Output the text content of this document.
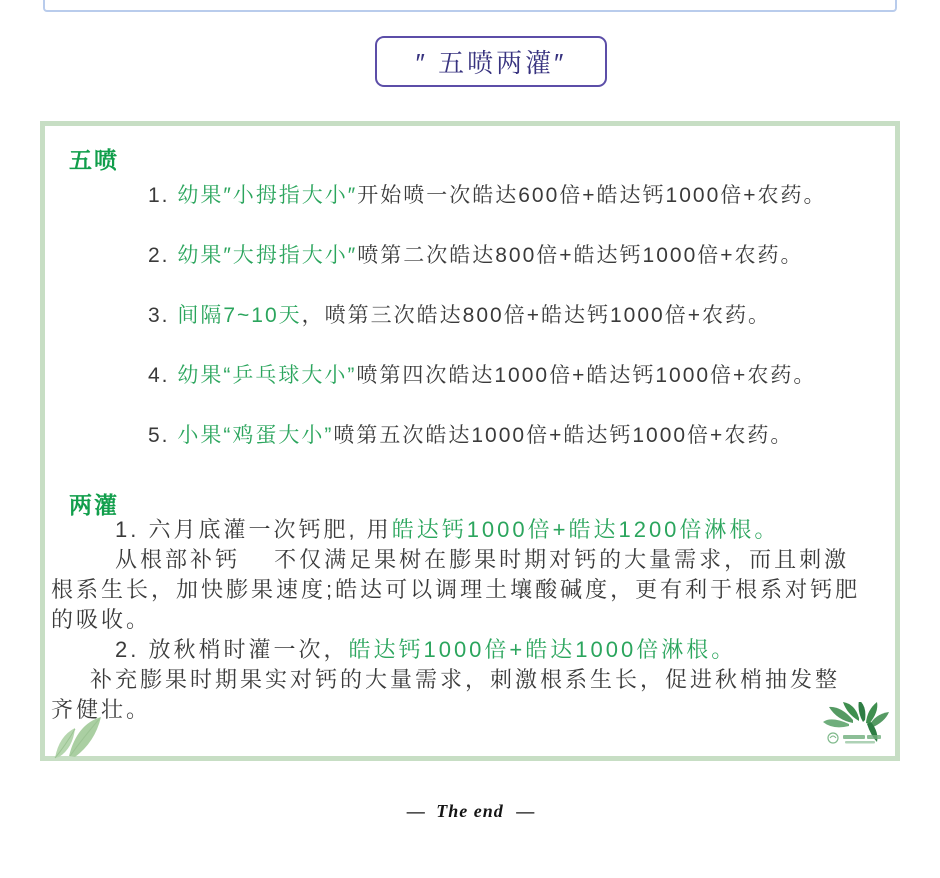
″ 五喷两灌″
五喷
1. 幼果″小拇指大小″开始喷一次皓达600倍+皓达钙1000倍+农药。
2. 幼果″大拇指大小″喷第二次皓达800倍+皓达钙1000倍+农药。
3. 间隔7~10天，喷第三次皓达800倍+皓达钙1000倍+农药。
4. 幼果“乒乓球大小”喷第四次皓达1000倍+皓达钙1000倍+农药。
5. 小果“鸡蛋大小”喷第五次皓达1000倍+皓达钙1000倍+农药。
两灌
1. 六月底灌一次钙肥, 用皓达钙1000倍+皓达1200倍淋根。
从根部补钙　 不仅满足果树在膨果时期对钙的大量需求，而且刺激
根系生长，加快膨果速度;皓达可以调理土壤酸碱度，更有利于根系对钙肥
的吸收。
2. 放秋梢时灌一次，皓达钙1000倍+皓达1000倍淋根。
补充膨果时期果实对钙的大量需求，刺激根系生长，促进秋梢抽发整
齐健壮。
— The end —
